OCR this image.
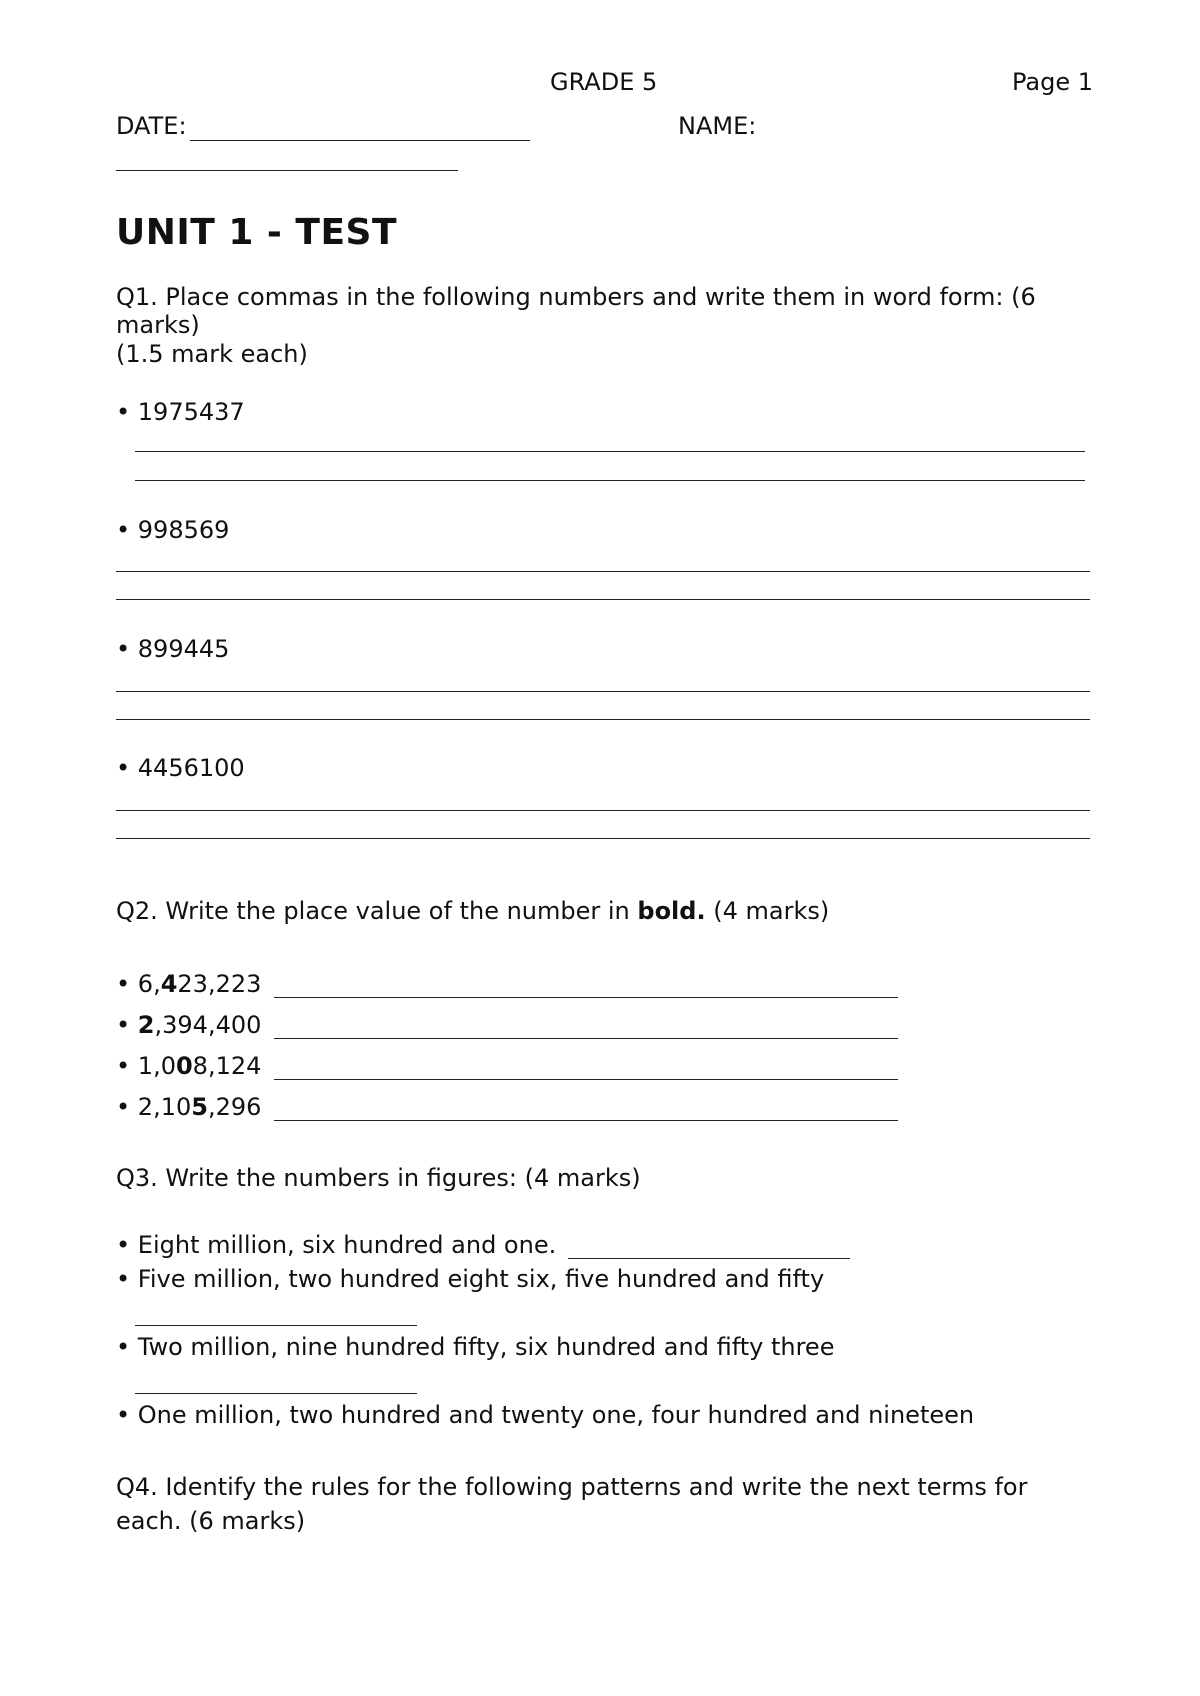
GRADE 5	Page 1
DATE:	NAME:
UNIT 1 - TEST
Q1. Place commas in the following numbers and write them in word form: (6 marks)
(1.5 mark each)
• 1975437
• 998569
• 899445
• 4456100
Q2. Write the place value of the number in bold. (4 marks)
• 6,423,223
• 2,394,400
• 1,008,124
• 2,105,296
Q3. Write the numbers in figures: (4 marks)
• Eight million, six hundred and one.
• Five million, two hundred eight six, five hundred and fifty
• Two million, nine hundred fifty, six hundred and fifty three
• One million, two hundred and twenty one, four hundred and nineteen
Q4. Identify the rules for the following patterns and write the next terms for each. (6 marks)
